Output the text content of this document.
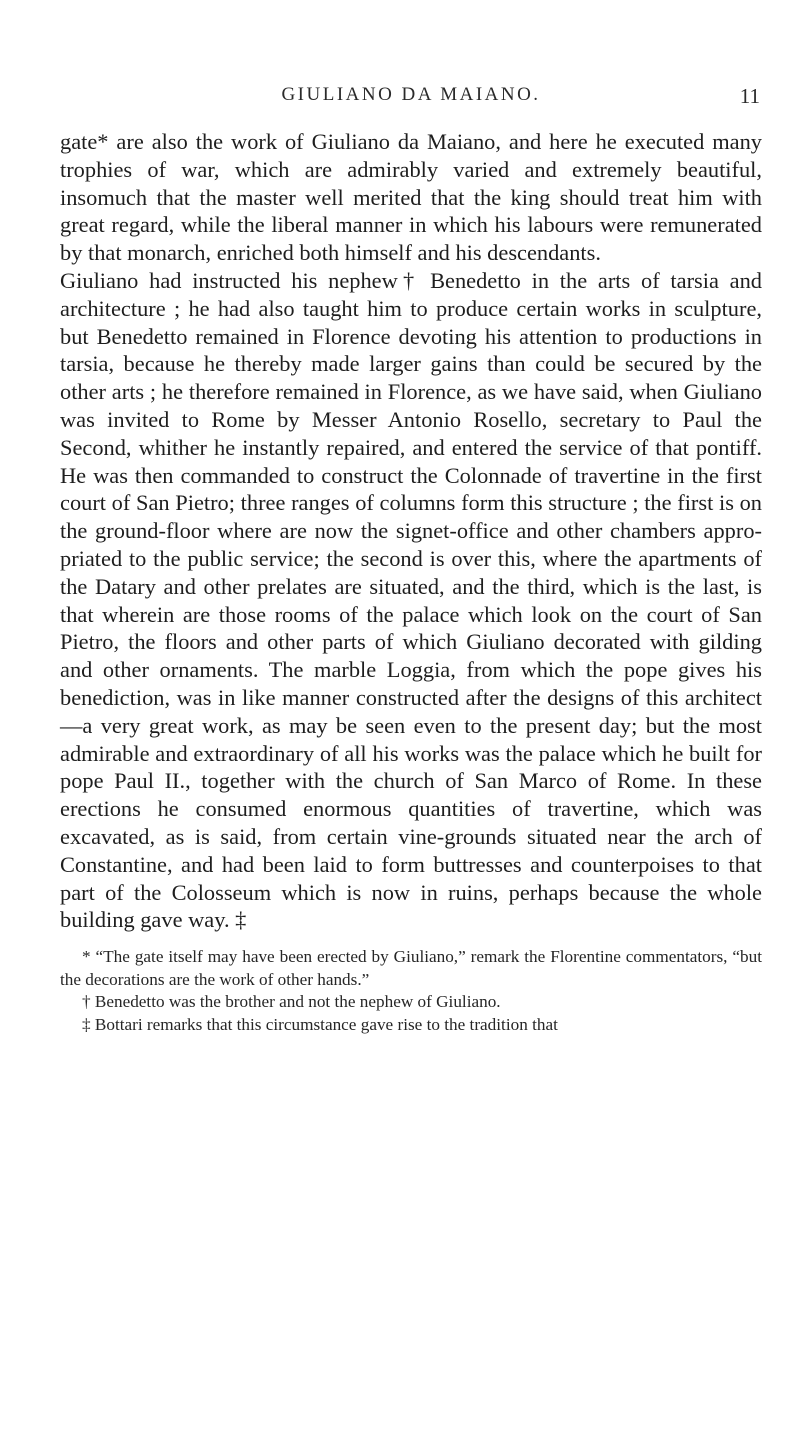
GIULIANO DA MAIANO.	11

gate* are also the work of Giuliano da Maiano, and here he executed many trophies of war, which are admirably varied and extremely beautiful, insomuch that the master well merited that the king should treat him with great regard, while the liberal manner in which his labours were remunerated by that monarch, enriched both himself and his descendants.

Giuliano had instructed his nephew† Benedetto in the arts of tarsia and architecture ; he had also taught him to produce certain works in sculpture, but Benedetto remained in Florence devoting his attention to productions in tarsia, because he thereby made larger gains than could be secured by the other arts ; he therefore remained in Florence, as we have said, when Giuliano was invited to Rome by Messer Antonio Rosello, secretary to Paul the Second, whither he instantly repaired, and entered the service of that pontiff. He was then commanded to construct the Colonnade of travertine in the first court of San Pietro; three ranges of columns form this structure ; the first is on the ground-floor where are now the signet-office and other chambers appropriated to the public service; the second is over this, where the apartments of the Datary and other prelates are situated, and the third, which is the last, is that wherein are those rooms of the palace which look on the court of San Pietro, the floors and other parts of which Giuliano decorated with gilding and other ornaments. The marble Loggia, from which the pope gives his benediction, was in like manner constructed after the designs of this architect—a very great work, as may be seen even to the present day; but the most admirable and extraordinary of all his works was the palace which he built for pope Paul II., together with the church of San Marco of Rome. In these erections he consumed enormous quantities of travertine, which was excavated, as is said, from certain vine-grounds situated near the arch of Constantine, and had been laid to form buttresses and counterpoises to that part of the Colosseum which is now in ruins, perhaps because the whole building gave way. ‡

* “The gate itself may have been erected by Giuliano,” remark the Florentine commentators, “but the decorations are the work of other hands.”

† Benedetto was the brother and not the nephew of Giuliano.

‡ Bottari remarks that this circumstance gave rise to the tradition that
